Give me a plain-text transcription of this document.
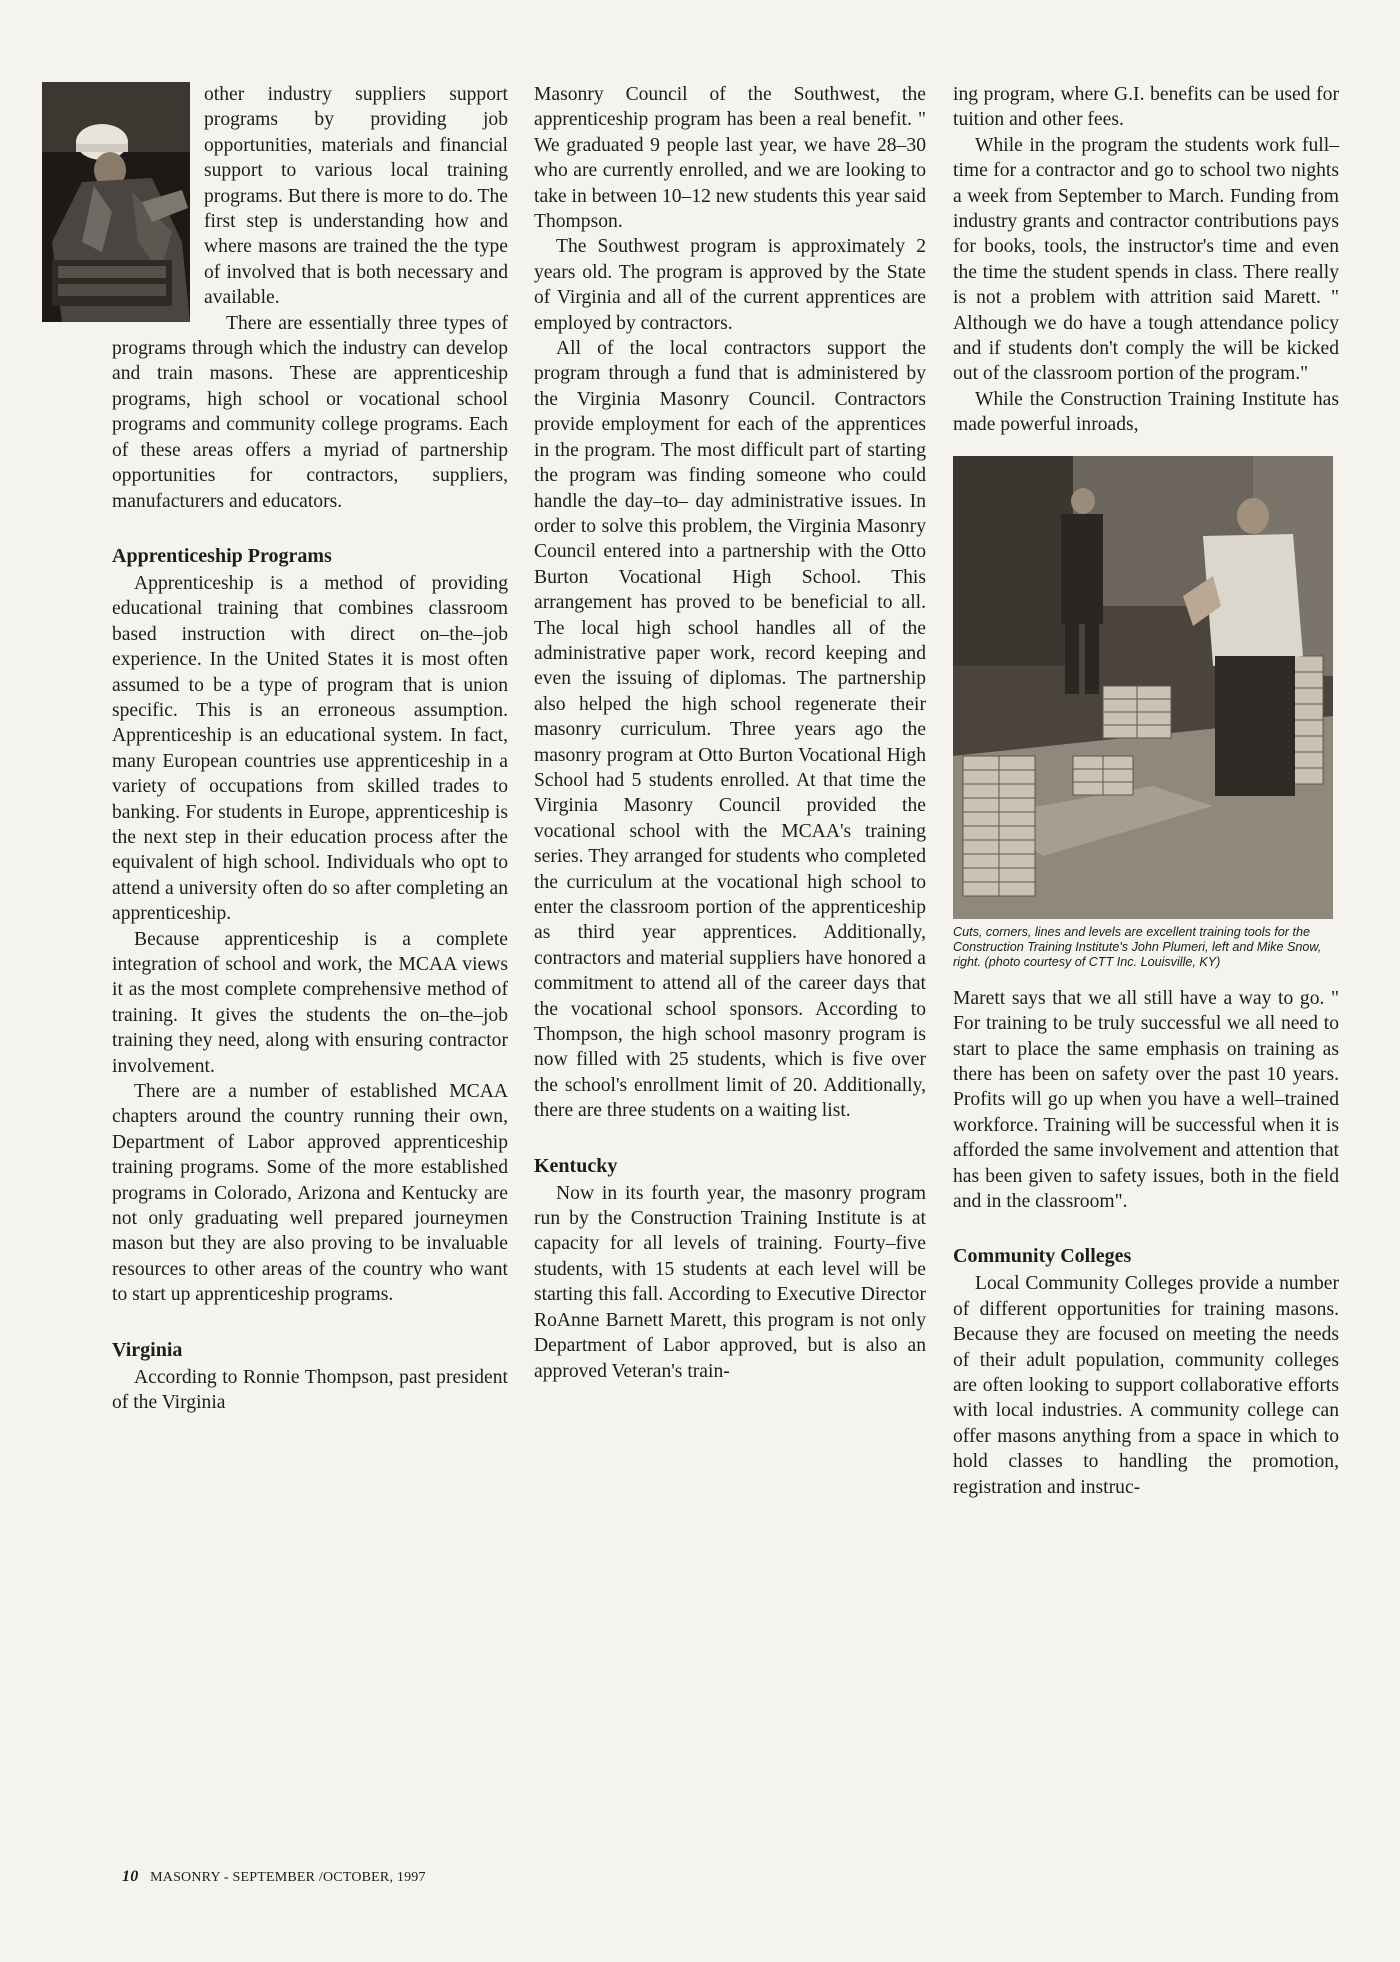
other industry suppliers support programs by providing job opportunities, materials and financial support to various local training programs. But there is more to do. The first step is understanding how and where masons are trained the the type of involved that is both necessary and available.

There are essentially three types of programs through which the industry can develop and train masons. These are apprenticeship programs, high school or vocational school programs and community college programs. Each of these areas offers a myriad of partnership opportunities for contractors, suppliers, manufacturers and educators.

Apprenticeship Programs

Apprenticeship is a method of providing educational training that combines classroom based instruction with direct on–the–job experience. In the United States it is most often assumed to be a type of program that is union specific. This is an erroneous assumption. Apprenticeship is an educational system. In fact, many European countries use apprenticeship in a variety of occupations from skilled trades to banking. For students in Europe, apprenticeship is the next step in their education process after the equivalent of high school. Individuals who opt to attend a university often do so after completing an apprenticeship.

Because apprenticeship is a complete integration of school and work, the MCAA views it as the most complete comprehensive method of training. It gives the students the on–the–job training they need, along with ensuring contractor involvement.

There are a number of established MCAA chapters around the country running their own, Department of Labor approved apprenticeship training programs. Some of the more established programs in Colorado, Arizona and Kentucky are not only graduating well prepared journeymen mason but they are also proving to be invaluable resources to other areas of the country who want to start up apprenticeship programs.

Virginia

According to Ronnie Thompson, past president of the Virginia

Masonry Council of the Southwest, the apprenticeship program has been a real benefit. " We graduated 9 people last year, we have 28–30 who are currently enrolled, and we are looking to take in between 10–12 new students this year said Thompson.

The Southwest program is approximately 2 years old. The program is approved by the State of Virginia and all of the current apprentices are employed by contractors.

All of the local contractors support the program through a fund that is administered by the Virginia Masonry Council. Contractors provide employment for each of the apprentices in the program. The most difficult part of starting the program was finding someone who could handle the day–to– day administrative issues. In order to solve this problem, the Virginia Masonry Council entered into a partnership with the Otto Burton Vocational High School. This arrangement has proved to be beneficial to all. The local high school handles all of the administrative paper work, record keeping and even the issuing of diplomas. The partnership also helped the high school regenerate their masonry curriculum. Three years ago the masonry program at Otto Burton Vocational High School had 5 students enrolled. At that time the Virginia Masonry Council provided the vocational school with the MCAA's training series. They arranged for students who completed the curriculum at the vocational high school to enter the classroom portion of the apprenticeship as third year apprentices. Additionally, contractors and material suppliers have honored a commitment to attend all of the career days that the vocational school sponsors. According to Thompson, the high school masonry program is now filled with 25 students, which is five over the school's enrollment limit of 20. Additionally, there are three students on a waiting list.

Kentucky

Now in its fourth year, the masonry program run by the Construction Training Institute is at capacity for all levels of training. Fourty–five students, with 15 students at each level will be starting this fall. According to Executive Director RoAnne Barnett Marett, this program is not only Department of Labor approved, but is also an approved Veteran's train-

ing program, where G.I. benefits can be used for tuition and other fees.

While in the program the students work full–time for a contractor and go to school two nights a week from September to March. Funding from industry grants and contractor contributions pays for books, tools, the instructor's time and even the time the student spends in class. There really is not a problem with attrition said Marett. " Although we do have a tough attendance policy and if students don't comply the will be kicked out of the classroom portion of the program."

While the Construction Training Institute has made powerful inroads,

Cuts, corners, lines and levels are excellent training tools for the Construction Training Institute's John Plumeri, left and Mike Snow, right. (photo courtesy of CTT Inc. Louisville, KY)

Marett says that we all still have a way to go. " For training to be truly successful we all need to start to place the same emphasis on training as there has been on safety over the past 10 years. Profits will go up when you have a well–trained workforce. Training will be successful when it is afforded the same involvement and attention that has been given to safety issues, both in the field and in the classroom".

Community Colleges

Local Community Colleges provide a number of different opportunities for training masons. Because they are focused on meeting the needs of their adult population, community colleges are often looking to support collaborative efforts with local industries. A community college can offer masons anything from a space in which to hold classes to handling the promotion, registration and instruc-

10 MASONRY - SEPTEMBER /OCTOBER, 1997
